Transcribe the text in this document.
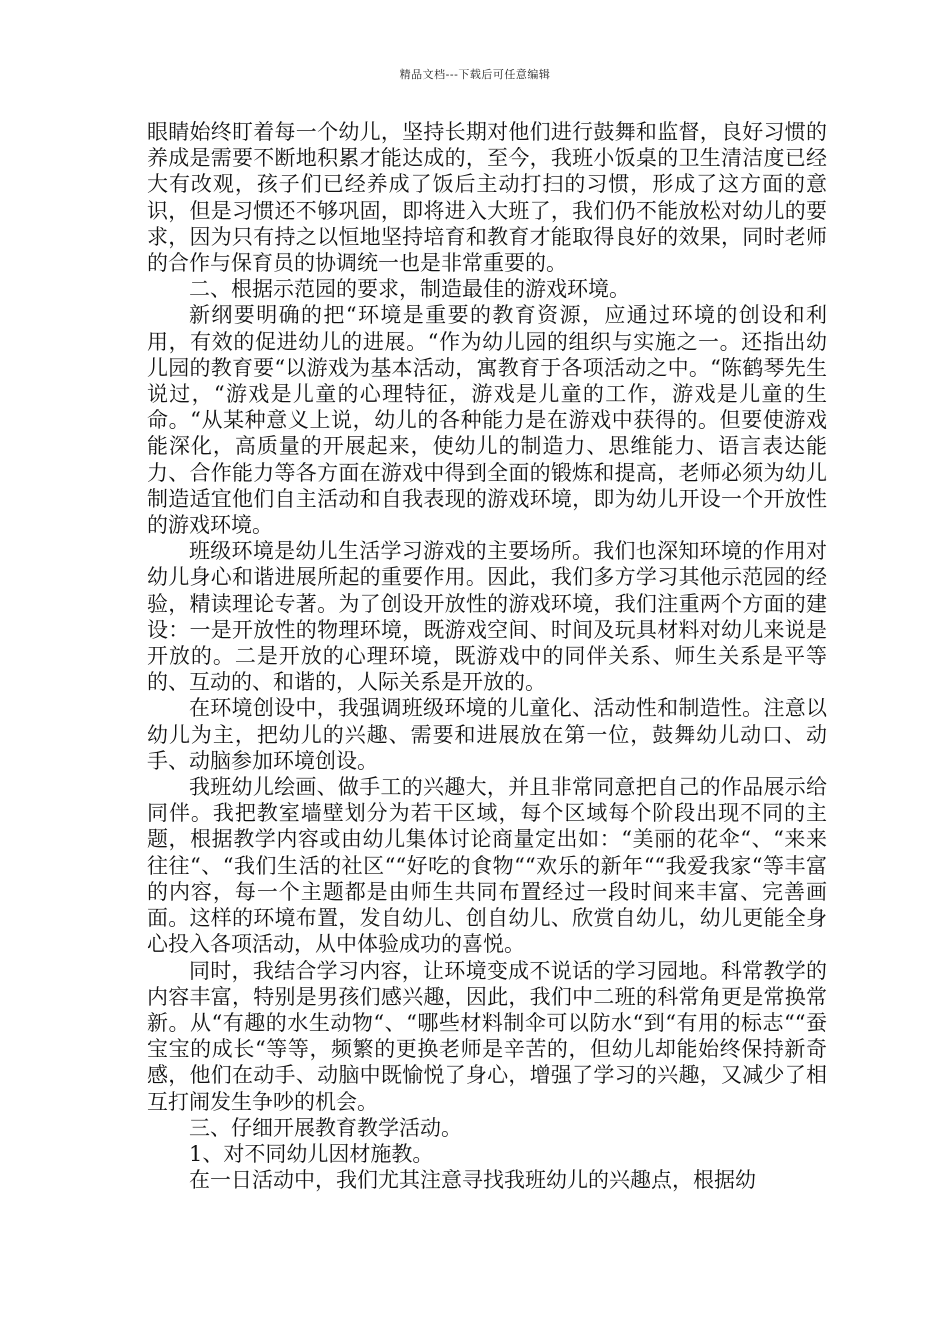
精品文档---下载后可任意编辑

眼睛始终盯着每一个幼儿，坚持长期对他们进行鼓舞和监督，良好习惯的养成是需要不断地积累才能达成的，至今，我班小饭桌的卫生清洁度已经大有改观，孩子们已经养成了饭后主动打扫的习惯，形成了这方面的意识，但是习惯还不够巩固，即将进入大班了，我们仍不能放松对幼儿的要求，因为只有持之以恒地坚持培育和教育才能取得良好的效果，同时老师的合作与保育员的协调统一也是非常重要的。

二、根据示范园的要求，制造最佳的游戏环境。

新纲要明确的把“环境是重要的教育资源，应通过环境的创设和利用，有效的促进幼儿的进展。“作为幼儿园的组织与实施之一。还指出幼儿园的教育要“以游戏为基本活动，寓教育于各项活动之中。“陈鹤琴先生说过，“游戏是儿童的心理特征，游戏是儿童的工作，游戏是儿童的生命。“从某种意义上说，幼儿的各种能力是在游戏中获得的。但要使游戏能深化，高质量的开展起来，使幼儿的制造力、思维能力、语言表达能力、合作能力等各方面在游戏中得到全面的锻炼和提高，老师必须为幼儿制造适宜他们自主活动和自我表现的游戏环境，即为幼儿开设一个开放性的游戏环境。

班级环境是幼儿生活学习游戏的主要场所。我们也深知环境的作用对幼儿身心和谐进展所起的重要作用。因此，我们多方学习其他示范园的经验，精读理论专著。为了创设开放性的游戏环境，我们注重两个方面的建设：一是开放性的物理环境，既游戏空间、时间及玩具材料对幼儿来说是开放的。二是开放的心理环境，既游戏中的同伴关系、师生关系是平等的、互动的、和谐的，人际关系是开放的。

在环境创设中，我强调班级环境的儿童化、活动性和制造性。注意以幼儿为主，把幼儿的兴趣、需要和进展放在第一位，鼓舞幼儿动口、动手、动脑参加环境创设。

我班幼儿绘画、做手工的兴趣大，并且非常同意把自己的作品展示给同伴。我把教室墙壁划分为若干区域，每个区域每个阶段出现不同的主题，根据教学内容或由幼儿集体讨论商量定出如：“美丽的花伞“、“来来往往“、“我们生活的社区““好吃的食物““欢乐的新年““我爱我家“等丰富的内容，每一个主题都是由师生共同布置经过一段时间来丰富、完善画面。这样的环境布置，发自幼儿、创自幼儿、欣赏自幼儿，幼儿更能全身心投入各项活动，从中体验成功的喜悦。

同时，我结合学习内容，让环境变成不说话的学习园地。科常教学的内容丰富，特别是男孩们感兴趣，因此，我们中二班的科常角更是常换常新。从“有趣的水生动物“、“哪些材料制伞可以防水“到“有用的标志““蚕宝宝的成长“等等，频繁的更换老师是辛苦的，但幼儿却能始终保持新奇感，他们在动手、动脑中既愉悦了身心，增强了学习的兴趣，又减少了相互打闹发生争吵的机会。

三、仔细开展教育教学活动。

1、对不同幼儿因材施教。

在一日活动中，我们尤其注意寻找我班幼儿的兴趣点，根据幼
